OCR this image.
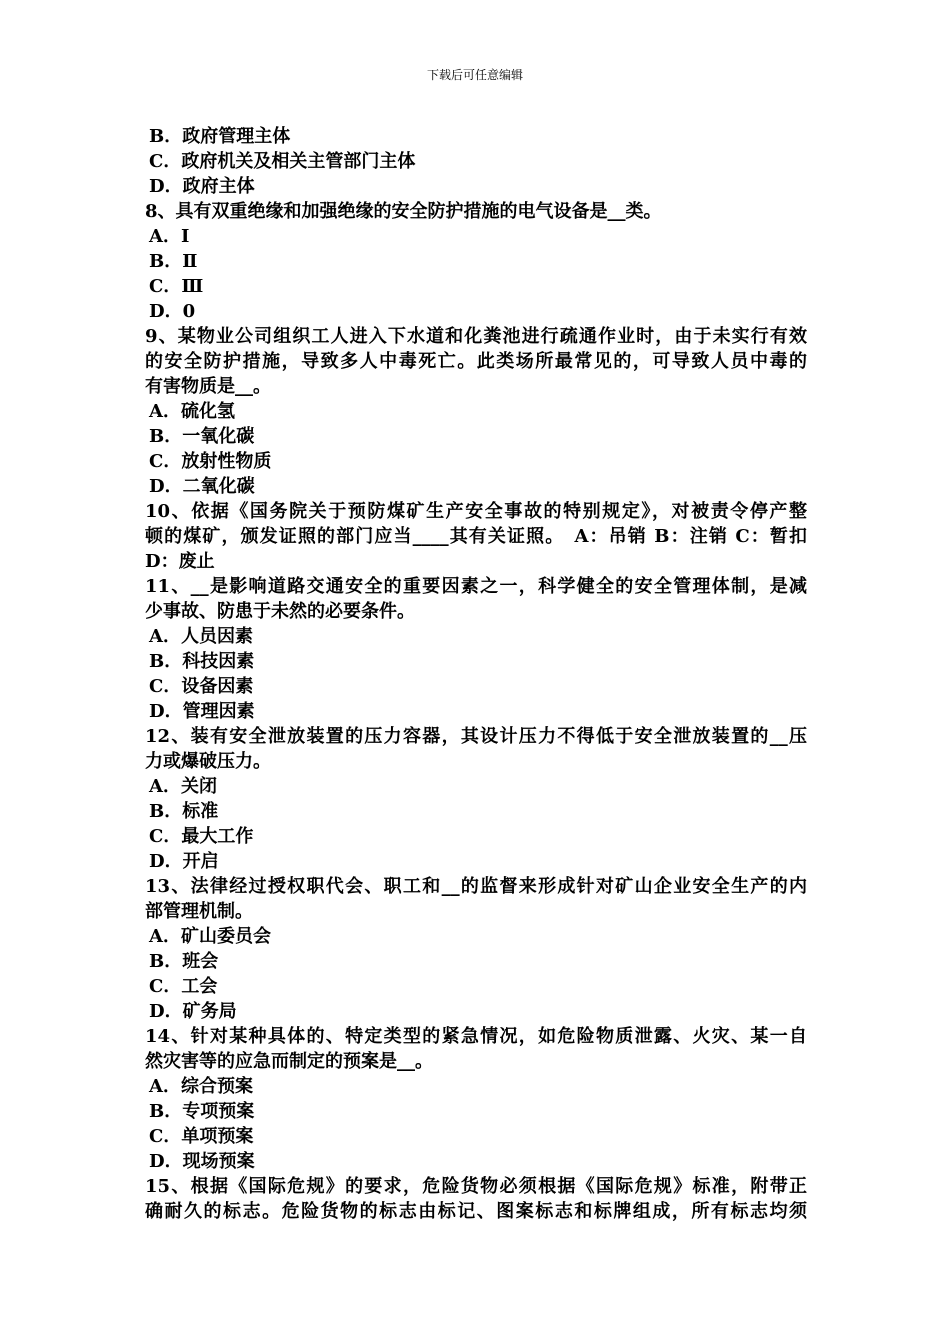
下载后可任意编辑

B．政府管理主体

C．政府机关及相关主管部门主体

D．政府主体

8、具有双重绝缘和加强绝缘的安全防护措施的电气设备是__类。

A．Ⅰ

B．Ⅱ

C．Ⅲ

D．0

9、某物业公司组织工人进入下水道和化粪池进行疏通作业时，由于未实行有效

的安全防护措施，导致多人中毒死亡。此类场所最常见的，可导致人员中毒的

有害物质是__。

A．硫化氢

B．一氧化碳

C．放射性物质

D．二氧化碳

10、依据《国务院关于预防煤矿生产安全事故的特别规定》，对被责令停产整

顿的煤矿，颁发证照的部门应当____其有关证照。　A：吊销 B：注销 C：暂扣

D：废止

11、__是影响道路交通安全的重要因素之一，科学健全的安全管理体制，是减

少事故、防患于未然的必要条件。

A．人员因素

B．科技因素

C．设备因素

D．管理因素

12、装有安全泄放装置的压力容器，其设计压力不得低于安全泄放装置的__压

力或爆破压力。

A．关闭

B．标准

C．最大工作

D．开启

13、法律经过授权职代会、职工和__的监督来形成针对矿山企业安全生产的内

部管理机制。

A．矿山委员会

B．班会

C．工会

D．矿务局

14、针对某种具体的、特定类型的紧急情况，如危险物质泄露、火灾、某一自

然灾害等的应急而制定的预案是__。

A．综合预案

B．专项预案

C．单项预案

D．现场预案

15、根据《国际危规》的要求，危险货物必须根据《国际危规》标准，附带正

确耐久的标志。危险货物的标志由标记、图案标志和标牌组成，所有标志均须
